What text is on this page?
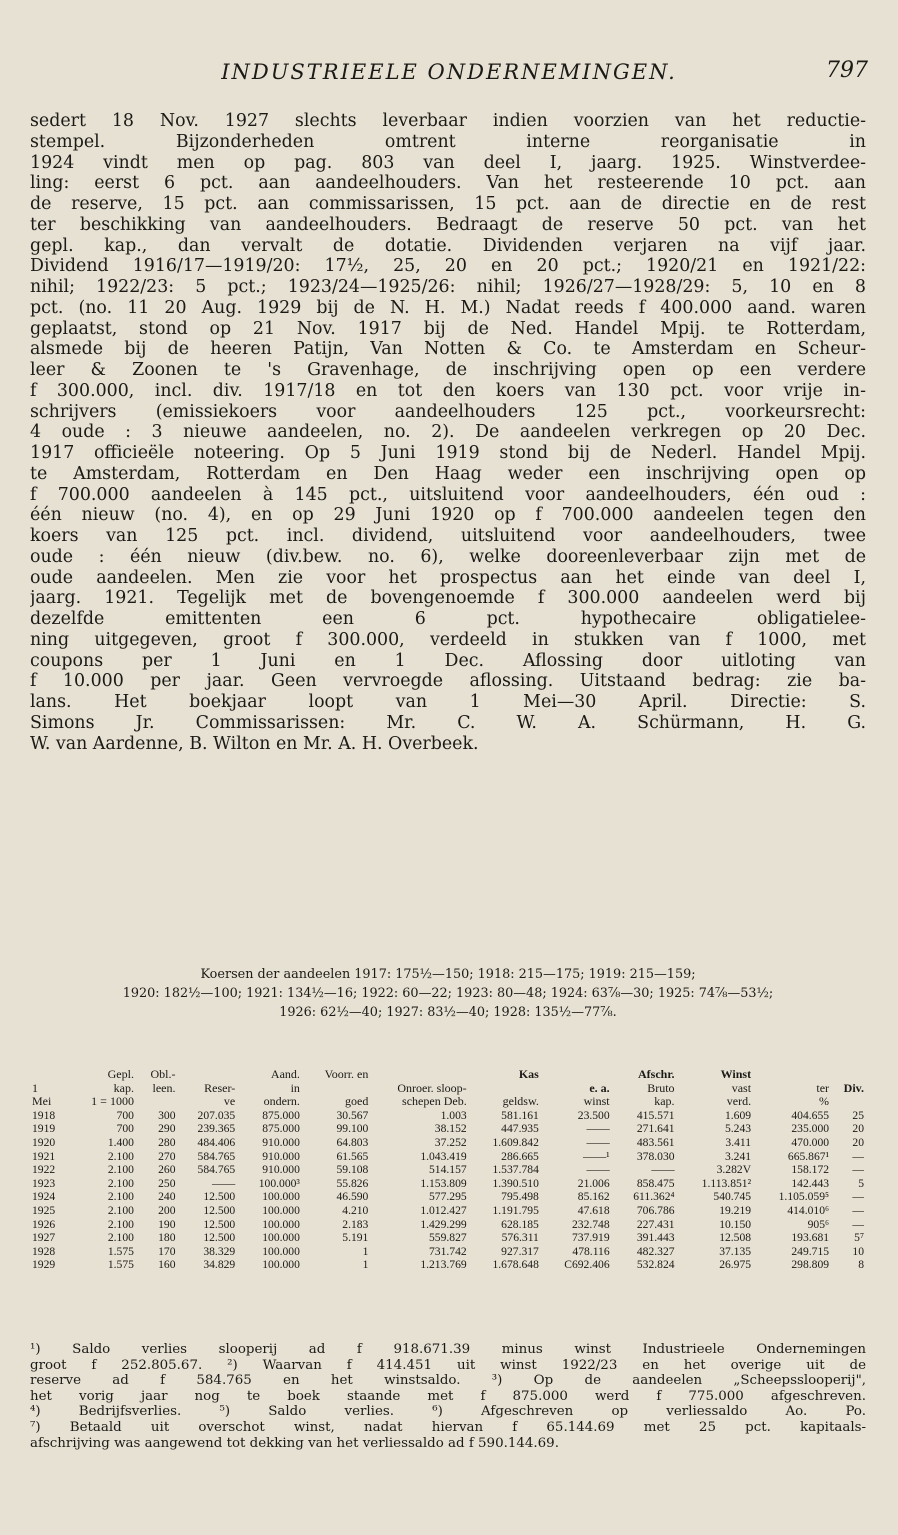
INDUSTRIEELE ONDERNEMINGEN.	797
sedert 18 Nov. 1927 slechts leverbaar indien voorzien van het reductie-
stempel. Bijzonderheden omtrent interne reorganisatie in
1924 vindt men op pag. 803 van deel I, jaarg. 1925. Winstverdee-
ling: eerst 6 pct. aan aandeelhouders. Van het resteerende 10 pct. aan
de reserve, 15 pct. aan commissarissen, 15 pct. aan de directie en de rest
ter beschikking van aandeelhouders. Bedraagt de reserve 50 pct. van het
gepl. kap., dan vervalt de dotatie. Dividenden verjaren na vijf jaar.
Dividend 1916/17—1919/20: 17½, 25, 20 en 20 pct.; 1920/21 en 1921/22:
nihil; 1922/23: 5 pct.; 1923/24—1925/26: nihil; 1926/27—1928/29: 5, 10 en 8
pct. (no. 11 20 Aug. 1929 bij de N. H. M.) Nadat reeds f 400.000 aand. waren
geplaatst, stond op 21 Nov. 1917 bij de Ned. Handel Mpij. te Rotterdam,
alsmede bij de heeren Patijn, Van Notten & Co. te Amsterdam en Scheur-
leer & Zoonen te 's Gravenhage, de inschrijving open op een verdere
f 300.000, incl. div. 1917/18 en tot den koers van 130 pct. voor vrije in-
schrijvers (emissiekoers voor aandeelhouders 125 pct., voorkeursrecht:
4 oude : 3 nieuwe aandeelen, no. 2). De aandeelen verkregen op 20 Dec.
1917 officieële noteering. Op 5 Juni 1919 stond bij de Nederl. Handel Mpij.
te Amsterdam, Rotterdam en Den Haag weder een inschrijving open op
f 700.000 aandeelen à 145 pct., uitsluitend voor aandeelhouders, één oud :
één nieuw (no. 4), en op 29 Juni 1920 op f 700.000 aandeelen tegen den
koers van 125 pct. incl. dividend, uitsluitend voor aandeelhouders, twee
oude : één nieuw (div.bew. no. 6), welke dooreenleverbaar zijn met de
oude aandeelen. Men zie voor het prospectus aan het einde van deel I,
jaarg. 1921. Tegelijk met de bovengenoemde f 300.000 aandeelen werd bij
dezelfde emittenten een 6 pct. hypothecaire obligatielee-
ning uitgegeven, groot f 300.000, verdeeld in stukken van f 1000, met
coupons per 1 Juni en 1 Dec. Aflossing door uitloting van
f 10.000 per jaar. Geen vervroegde aflossing. Uitstaand bedrag: zie ba-
lans. Het boekjaar loopt van 1 Mei—30 April. Directie: S.
Simons Jr. Commissarissen: Mr. C. W. A. Schürmann, H. G.
W. van Aardenne, B. Wilton en Mr. A. H. Overbeek.
Koersen der aandeelen 1917: 175½—150; 1918: 215—175; 1919: 215—159;
1920: 182½—100; 1921: 134½—16; 1922: 60—22; 1923: 80—48; 1924: 63⅞—30; 1925: 74⅞—53½;
1926: 62½—40; 1927: 83½—40; 1928: 135½—77⅞.
	Gepl.	Obl.-		Aand.	Voorr. en		Kas		Afschr.	Winst		
1	kap.	leen.	Reser-	in	Onroer. sloop-			e. a.	Bruto	vast	ter	Div.
Mei	1 = 1000		ve	ondern.	goed	schepen Deb.	geldsw.	winst	kap.	verd.	%	
1918	700	300	207.035	875.000	30.567	1.003	581.161	23.500	415.571	1.609	404.655	25
1919	700	290	239.365	875.000	99.100	38.152	447.935	——	271.641	5.243	235.000	20
1920	1.400	280	484.406	910.000	64.803	37.252	1.609.842	——	483.561	3.411	470.000	20
1921	2.100	270	584.765	910.000	61.565	1.043.419	286.665	——¹	378.030	3.241	665.867¹	—
1922	2.100	260	584.765	910.000	59.108	514.157	1.537.784	——	——	3.282V	158.172	—
1923	2.100	250	——	100.000³	55.826	1.153.809	1.390.510	21.006	858.475	1.113.851²	142.443	5
1924	2.100	240	12.500	100.000	46.590	577.295	795.498	85.162	611.362⁴	540.745	1.105.059⁵	—
1925	2.100	200	12.500	100.000	4.210	1.012.427	1.191.795	47.618	706.786	19.219	414.010⁶	—
1926	2.100	190	12.500	100.000	2.183	1.429.299	628.185	232.748	227.431	10.150	905⁶	—
1927	2.100	180	12.500	100.000	5.191	559.827	576.311	737.919	391.443	12.508	193.681	5⁷
1928	1.575	170	38.329	100.000	1	731.742	927.317	478.116	482.327	37.135	249.715	10
1929	1.575	160	34.829	100.000	1	1.213.769	1.678.648	C692.406	532.824	26.975	298.809	8
¹) Saldo verlies slooperij ad f 918.671.39 minus winst Industrieele Ondernemingen
groot f 252.805.67. ²) Waarvan f 414.451 uit winst 1922/23 en het overige uit de
reserve ad f 584.765 en het winstsaldo. ³) Op de aandeelen „Scheepsslooperij",
het vorig jaar nog te boek staande met f 875.000 werd f 775.000 afgeschreven.
⁴) Bedrijfsverlies. ⁵) Saldo verlies. ⁶) Afgeschreven op verliessaldo Ao. Po.
⁷) Betaald uit overschot winst, nadat hiervan f 65.144.69 met 25 pct. kapitaals-
afschrijving was aangewend tot dekking van het verliessaldo ad f 590.144.69.
